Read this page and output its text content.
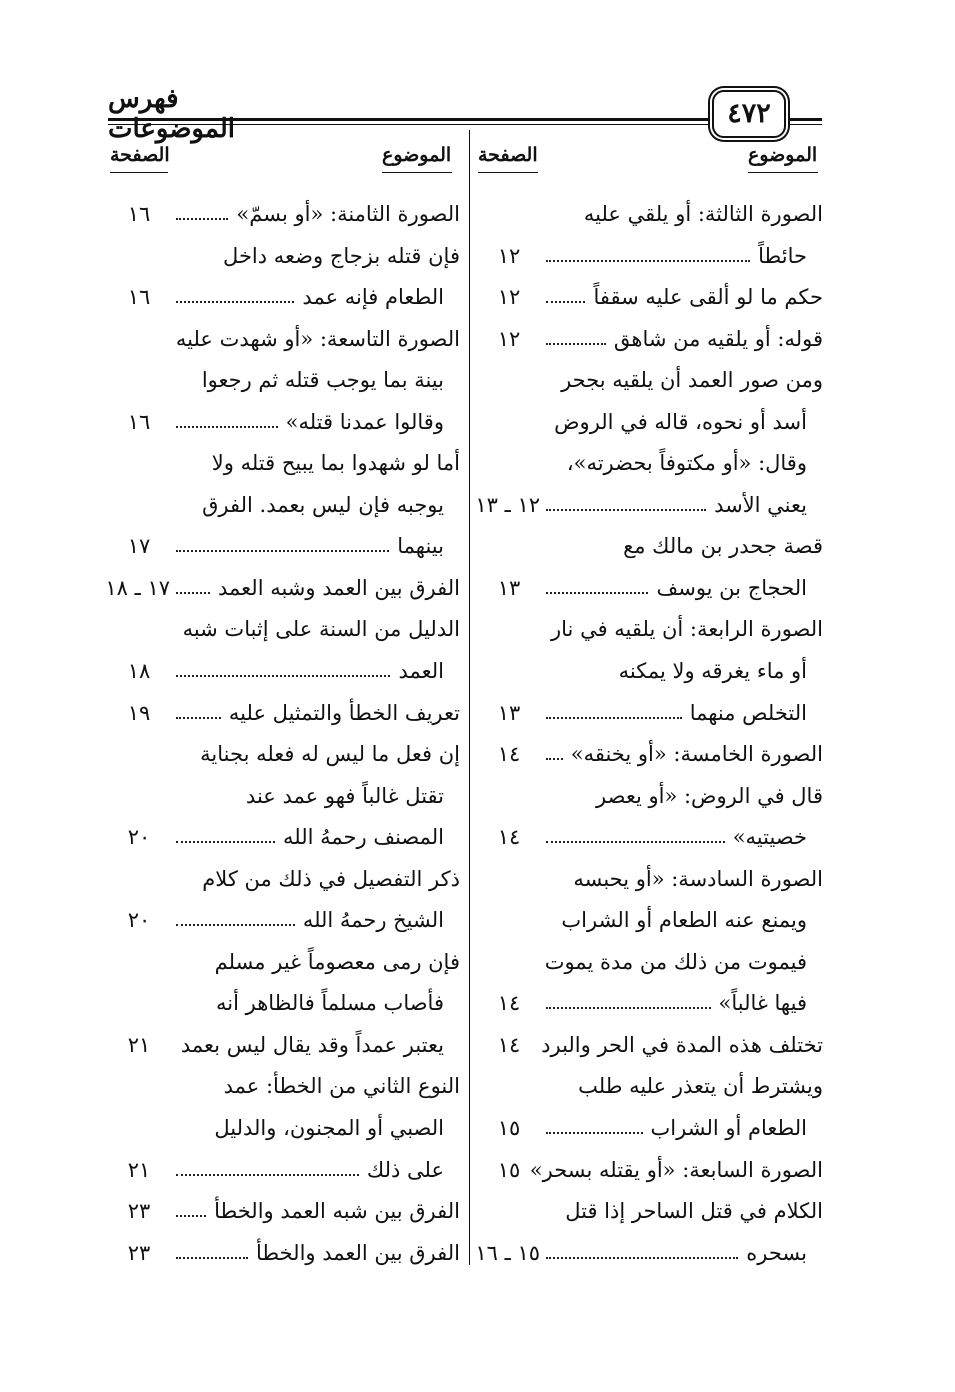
فهرس الموضوعات	٤٧٢
الموضوع
الصفحة
الموضوع
الصفحة
الصورة الثالثة: أو يلقي عليه
حائطاً
١٢
حكم ما لو ألقى عليه سقفاً
١٢
قوله: أو يلقيه من شاهق
١٢
ومن صور العمد أن يلقيه بجحر
أسد أو نحوه، قاله في الروض
وقال: «أو مكتوفاً بحضرته»،
يعني الأسد
١٢ ـ ١٣
قصة جحدر بن مالك مع
الحجاج بن يوسف
١٣
الصورة الرابعة: أن يلقيه في نار
أو ماء يغرقه ولا يمكنه
التخلص منهما
١٣
الصورة الخامسة: «أو يخنقه»
١٤
قال في الروض: «أو يعصر
خصيتيه»
١٤
الصورة السادسة: «أو يحبسه
ويمنع عنه الطعام أو الشراب
فيموت من ذلك من مدة يموت
فيها غالباً»
١٤
تختلف هذه المدة في الحر والبرد
١٤
ويشترط أن يتعذر عليه طلب
الطعام أو الشراب
١٥
الصورة السابعة: «أو يقتله بسحر»
١٥
الكلام في قتل الساحر إذا قتل
بسحره
١٥ ـ ١٦
الصورة الثامنة: «أو بسمّ»
١٦
فإن قتله بزجاج وضعه داخل
الطعام فإنه عمد
١٦
الصورة التاسعة: «أو شهدت عليه
بينة بما يوجب قتله ثم رجعوا
وقالوا عمدنا قتله»
١٦
أما لو شهدوا بما يبيح قتله ولا
يوجبه فإن ليس بعمد. الفرق
بينهما
١٧
الفرق بين العمد وشبه العمد
١٧ ـ ١٨
الدليل من السنة على إثبات شبه
العمد
١٨
تعريف الخطأ والتمثيل عليه
١٩
إن فعل ما ليس له فعله بجناية
تقتل غالباً فهو عمد عند
المصنف رحمهُ الله
٢٠
ذكر التفصيل في ذلك من كلام
الشيخ رحمهُ الله
٢٠
فإن رمى معصوماً غير مسلم
فأصاب مسلماً فالظاهر أنه
يعتبر عمداً وقد يقال ليس بعمد
٢١
النوع الثاني من الخطأ: عمد
الصبي أو المجنون، والدليل
على ذلك
٢١
الفرق بين شبه العمد والخطأ
٢٣
الفرق بين العمد والخطأ
٢٣
